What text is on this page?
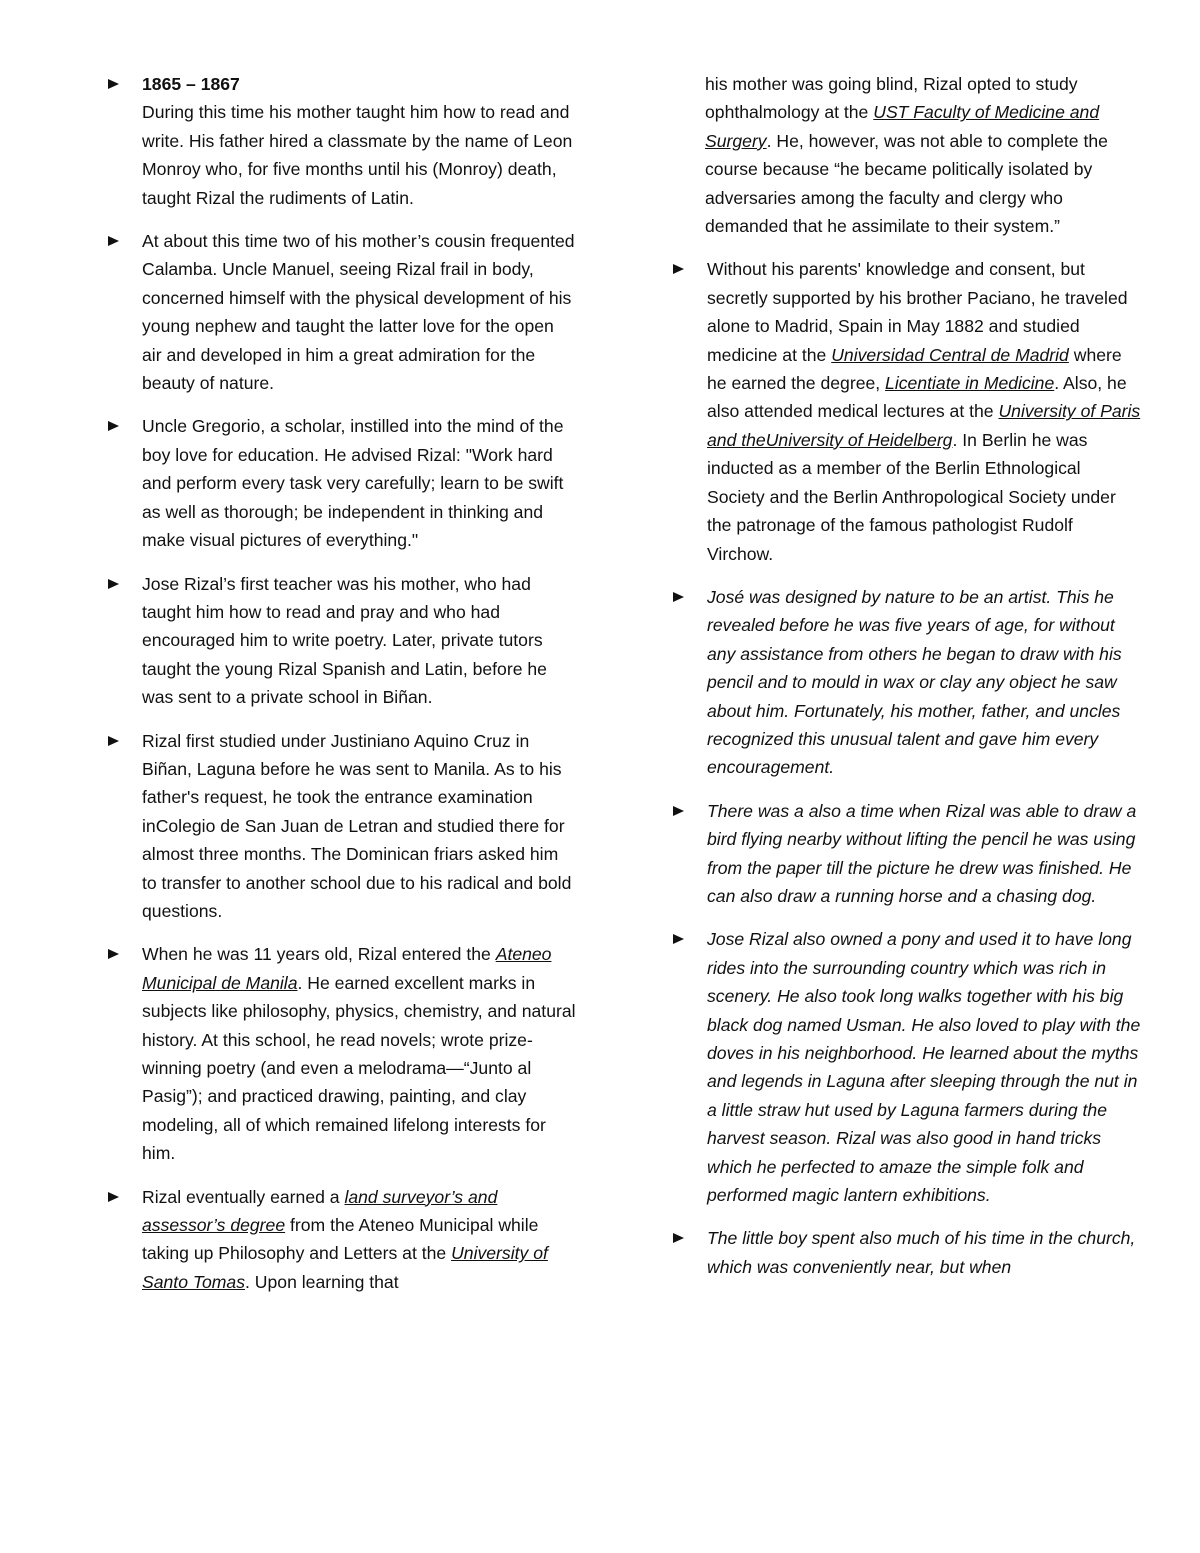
1865 – 1867

During this time his mother taught him how to read and write. His father hired a classmate by the name of Leon Monroy who, for five months until his (Monroy) death, taught Rizal the rudiments of Latin.

At about this time two of his mother’s cousin frequented Calamba. Uncle Manuel, seeing Rizal frail in body, concerned himself with the physical development of his young nephew and taught the latter love for the open air and developed in him a great admiration for the beauty of nature.

Uncle Gregorio, a scholar, instilled into the mind of the boy love for education. He advised Rizal: "Work hard and perform every task very carefully; learn to be swift as well as thorough; be independent in thinking and make visual pictures of everything."

Jose Rizal’s first teacher was his mother, who had taught him how to read and pray and who had encouraged him to write poetry. Later, private tutors taught the young Rizal Spanish and Latin, before he was sent to a private school in Biñan.

Rizal first studied under Justiniano Aquino Cruz in Biñan, Laguna before he was sent to Manila. As to his father's request, he took the entrance examination inColegio de San Juan de Letran and studied there for almost three months. The Dominican friars asked him to transfer to another school due to his radical and bold questions.

When he was 11 years old, Rizal entered the Ateneo Municipal de Manila. He earned excellent marks in subjects like philosophy, physics, chemistry, and natural history. At this school, he read novels; wrote prize-winning poetry (and even a melodrama—“Junto al Pasig”); and practiced drawing, painting, and clay modeling, all of which remained lifelong interests for him.

Rizal eventually earned a land surveyor’s and assessor’s degree from the Ateneo Municipal while taking up Philosophy and Letters at the University of Santo Tomas. Upon learning that

his mother was going blind, Rizal opted to study ophthalmology at the UST Faculty of Medicine and Surgery. He, however, was not able to complete the course because “he became politically isolated by adversaries among the faculty and clergy who demanded that he assimilate to their system.”

Without his parents' knowledge and consent, but secretly supported by his brother Paciano, he traveled alone to Madrid, Spain in May 1882 and studied medicine at the Universidad Central de Madrid where he earned the degree, Licentiate in Medicine. Also, he also attended medical lectures at the University of Paris and theUniversity of Heidelberg. In Berlin he was inducted as a member of the Berlin Ethnological Society and the Berlin Anthropological Society under the patronage of the famous pathologist Rudolf Virchow.

José was designed by nature to be an artist. This he revealed before he was five years of age, for without any assistance from others he began to draw with his pencil and to mould in wax or clay any object he saw about him. Fortunately, his mother, father, and uncles recognized this unusual talent and gave him every encouragement.

There was a also a time when Rizal was able to draw a bird flying nearby without lifting the pencil he was using from the paper till the picture he drew was finished. He can also draw a running horse and a chasing dog.

Jose Rizal also owned a pony and used it to have long rides into the surrounding country which was rich in scenery. He also took long walks together with his big black dog named Usman. He also loved to play with the doves in his neighborhood. He learned about the myths and legends in Laguna after sleeping through the nut in a little straw hut used by Laguna farmers during the harvest season. Rizal was also good in hand tricks which he perfected to amaze the simple folk and performed magic lantern exhibitions.

The little boy spent also much of his time in the church, which was conveniently near, but when
